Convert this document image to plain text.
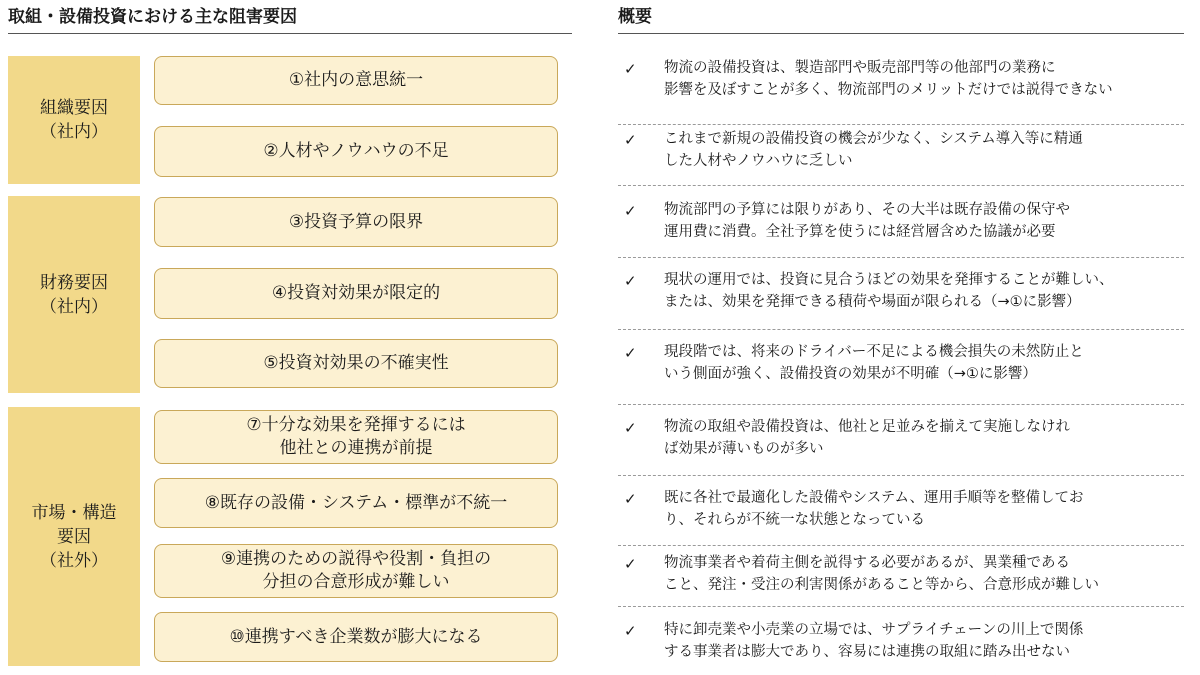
取組・設備投資における主な阻害要因	概要
組織要因
（社内）
財務要因
（社内）
市場・構造
要因
（社外）
①社内の意思統一
②人材やノウハウの不足
③投資予算の限界
④投資対効果が限定的
⑤投資対効果の不確実性
⑦十分な効果を発揮するには
他社との連携が前提
⑧既存の設備・システム・標準が不統一
⑨連携のための説得や役割・負担の
分担の合意形成が難しい
⑩連携すべき企業数が膨大になる
✓ 物流の設備投資は、製造部門や販売部門等の他部門の業務に
影響を及ぼすことが多く、物流部門のメリットだけでは説得できない
✓ これまで新規の設備投資の機会が少なく、システム導入等に精通
した人材やノウハウに乏しい
✓ 物流部門の予算には限りがあり、その大半は既存設備の保守や
運用費に消費。全社予算を使うには経営層含めた協議が必要
✓ 現状の運用では、投資に見合うほどの効果を発揮することが難しい、
または、効果を発揮できる積荷や場面が限られる（→①に影響）
✓ 現段階では、将来のドライバー不足による機会損失の未然防止と
いう側面が強く、設備投資の効果が不明確（→①に影響）
✓ 物流の取組や設備投資は、他社と足並みを揃えて実施しなけれ
ば効果が薄いものが多い
✓ 既に各社で最適化した設備やシステム、運用手順等を整備してお
り、それらが不統一な状態となっている
✓ 物流事業者や着荷主側を説得する必要があるが、異業種である
こと、発注・受注の利害関係があること等から、合意形成が難しい
✓ 特に卸売業や小売業の立場では、サプライチェーンの川上で関係
する事業者は膨大であり、容易には連携の取組に踏み出せない
